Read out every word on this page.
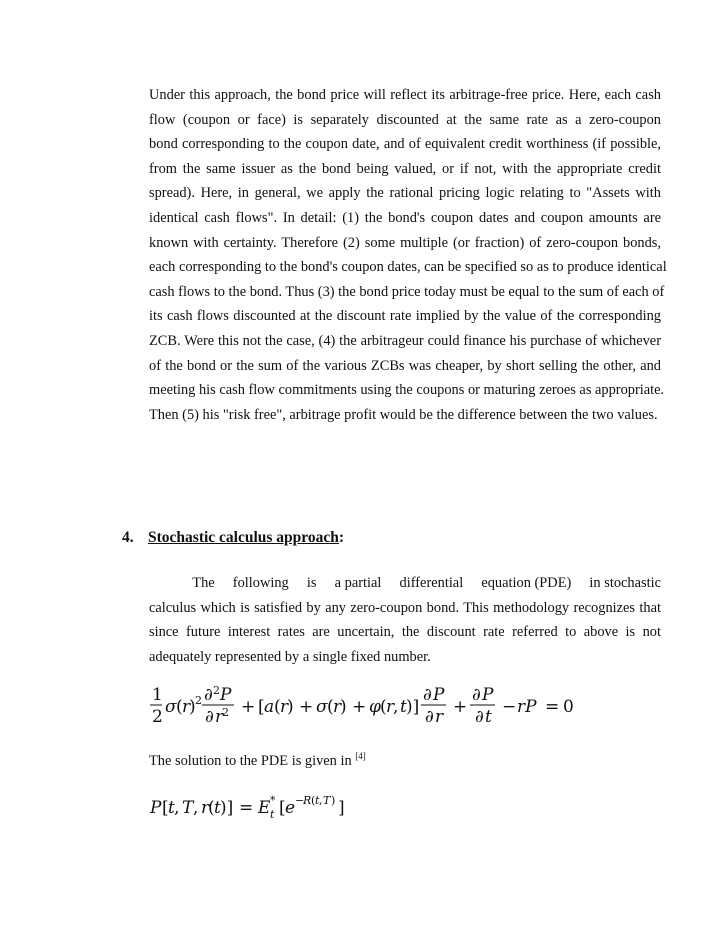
Under this approach, the bond price will reflect its arbitrage-free price. Here, each cash
flow (coupon or face) is separately discounted at the same rate as a zero-coupon
bond corresponding to the coupon date, and of equivalent credit worthiness (if possible,
from the same issuer as the bond being valued, or if not, with the appropriate credit
spread). Here, in general, we apply the rational pricing logic relating to "Assets with
identical cash flows". In detail: (1) the bond's coupon dates and coupon amounts are
known with certainty. Therefore (2) some multiple (or fraction) of zero-coupon bonds,
each corresponding to the bond's coupon dates, can be specified so as to produce identical
cash flows to the bond. Thus (3) the bond price today must be equal to the sum of each of
its cash flows discounted at the discount rate implied by the value of the corresponding
ZCB. Were this not the case, (4) the arbitrageur could finance his purchase of whichever
of the bond or the sum of the various ZCBs was cheaper, by short selling the other, and
meeting his cash flow commitments using the coupons or maturing zeroes as appropriate.
Then (5) his "risk free", arbitrage profit would be the difference between the two values.
4. Stochastic calculus approach:
The     following     is     a partial     differential     equation (PDE)     in stochastic
calculus which is satisfied by any zero-coupon bond. This methodology recognizes that
since future interest rates are uncertain, the discount rate referred to above is not
adequately represented by a single fixed number.
1
2 σ ( r
) 2 ∂ 2 P
∂ r
2 + [ a ( r
) + σ ( r
) + φ ( r
, t )]
∂ P
∂ r +
∂ P
∂ t − rP = 0
The solution to the PDE is given in [4]
P [ t , T , r
( t )] = E *
t [ e −
R ( t , T ) ]
